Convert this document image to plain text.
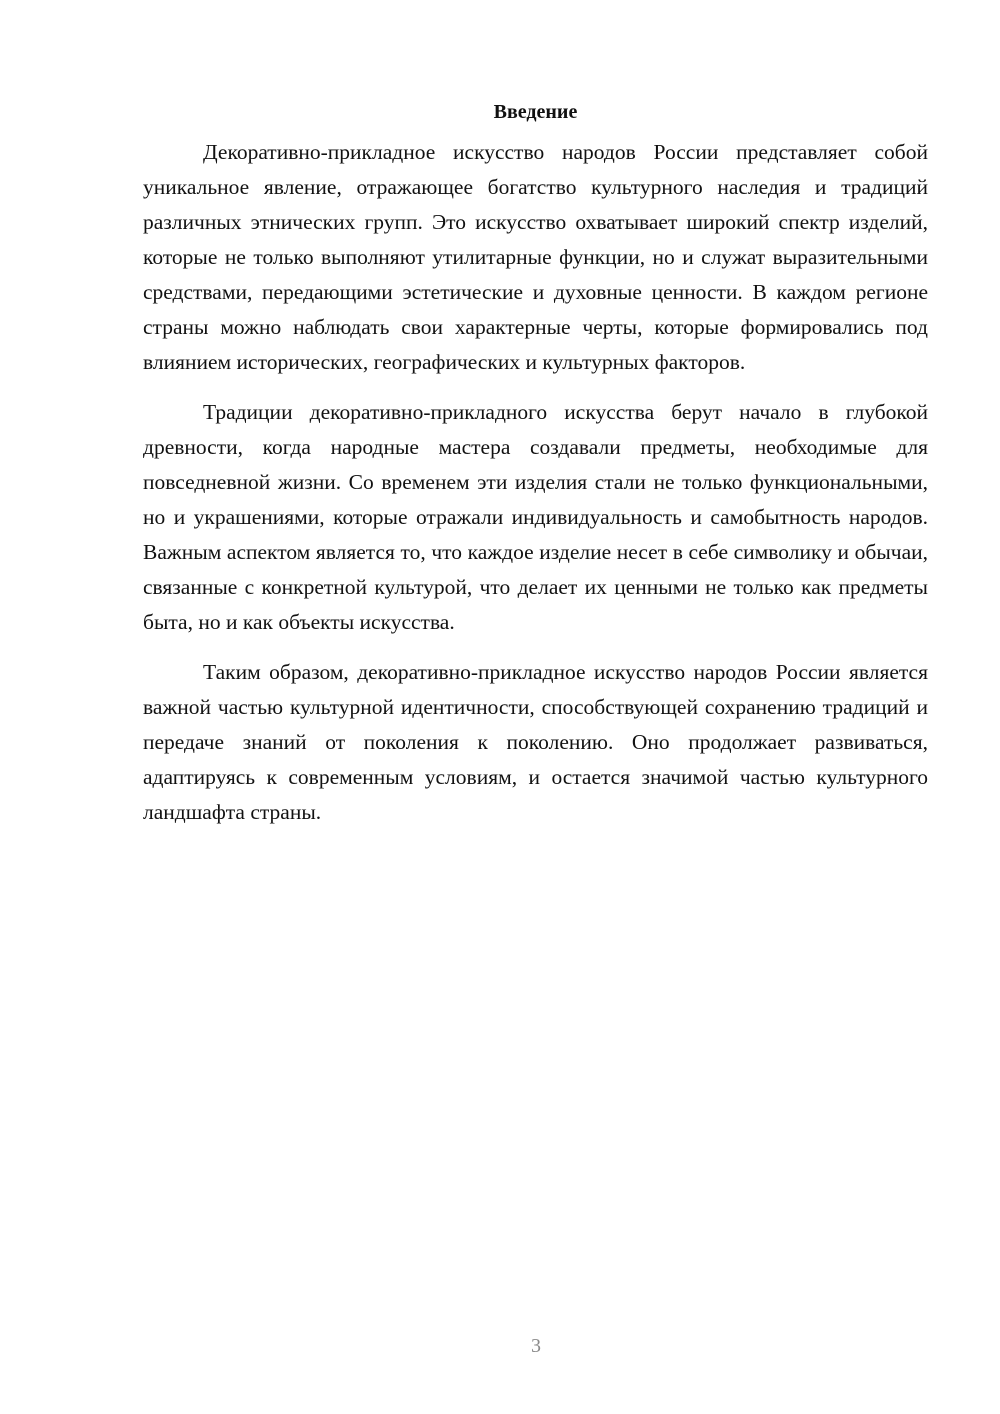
Введение

Декоративно-прикладное искусство народов России представляет собой уникальное явление, отражающее богатство культурного наследия и традиций различных этнических групп. Это искусство охватывает широкий спектр изделий, которые не только выполняют утилитарные функции, но и служат выразительными средствами, передающими эстетические и духовные ценности. В каждом регионе страны можно наблюдать свои характерные черты, которые формировались под влиянием исторических, географических и культурных факторов.

Традиции декоративно-прикладного искусства берут начало в глубокой древности, когда народные мастера создавали предметы, необходимые для повседневной жизни. Со временем эти изделия стали не только функциональными, но и украшениями, которые отражали индивидуальность и самобытность народов. Важным аспектом является то, что каждое изделие несет в себе символику и обычаи, связанные с конкретной культурой, что делает их ценными не только как предметы быта, но и как объекты искусства.

Таким образом, декоративно-прикладное искусство народов России является важной частью культурной идентичности, способствующей сохранению традиций и передаче знаний от поколения к поколению. Оно продолжает развиваться, адаптируясь к современным условиям, и остается значимой частью культурного ландшафта страны.

3
